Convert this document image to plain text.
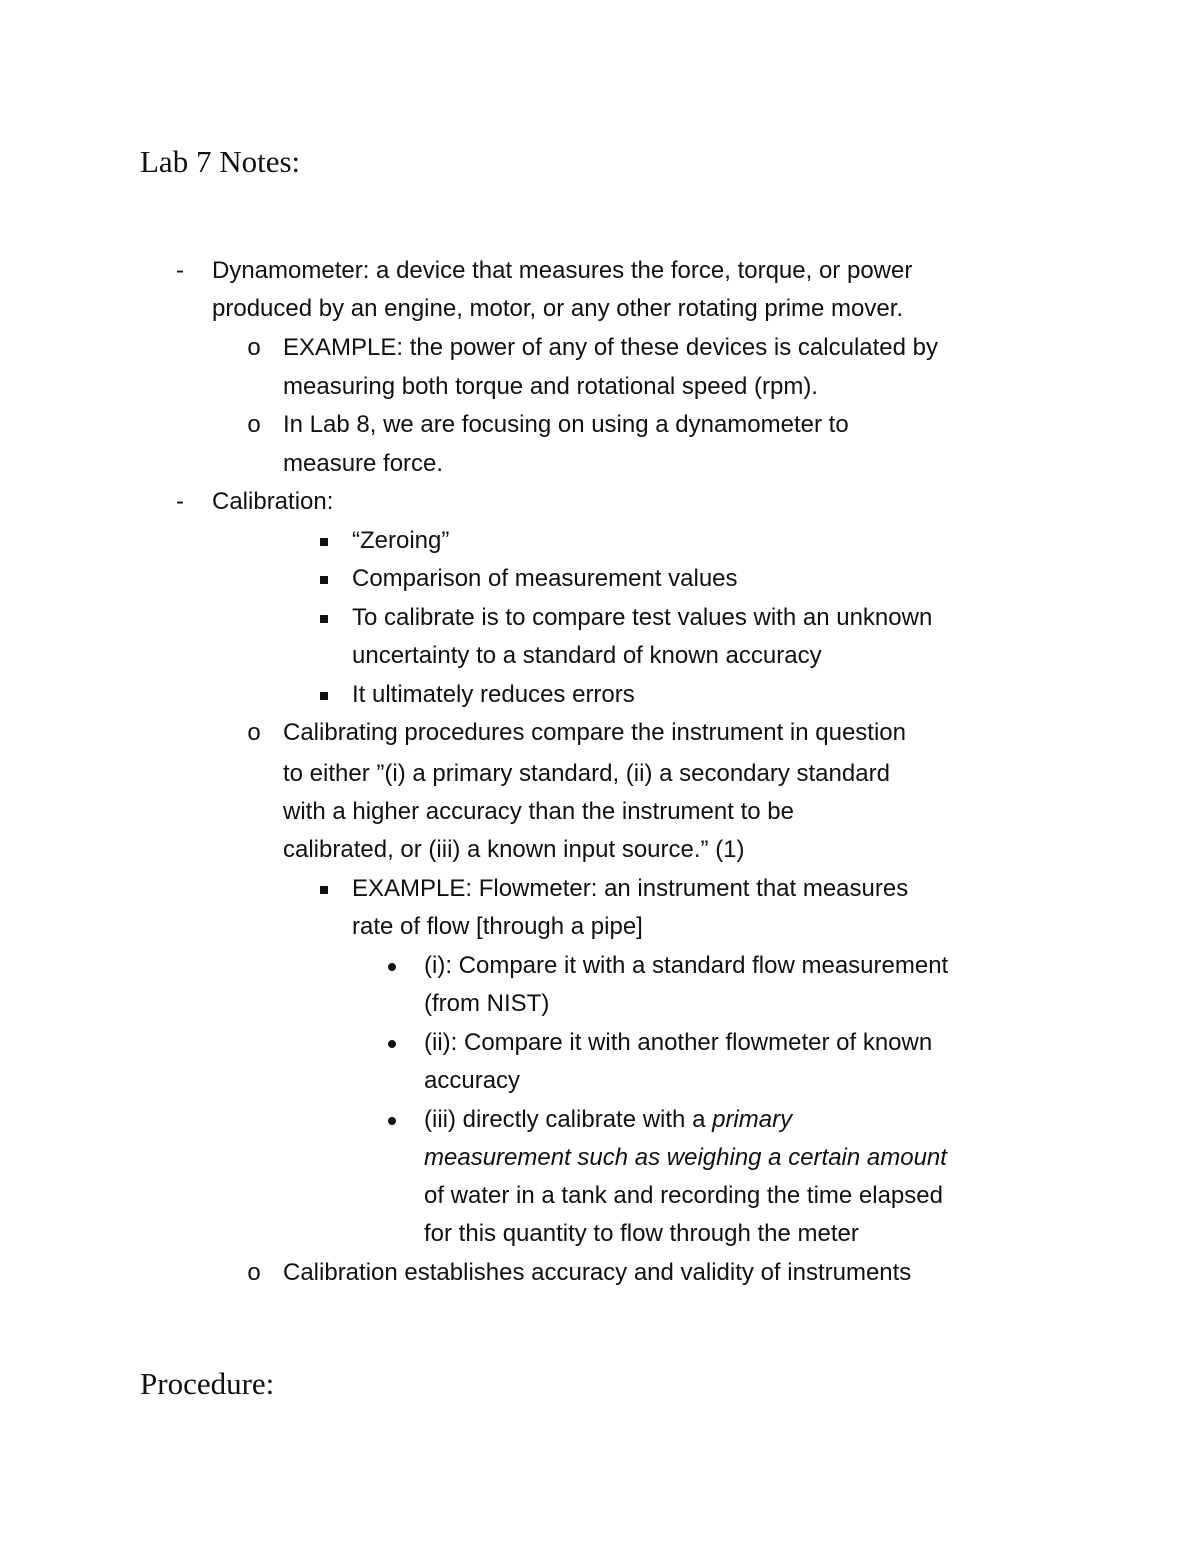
Lab 7 Notes:
- Dynamometer: a device that measures the force, torque, or power
produced by an engine, motor, or any other rotating prime mover.
o EXAMPLE: the power of any of these devices is calculated by
measuring both torque and rotational speed (rpm).
o In Lab 8, we are focusing on using a dynamometer to
measure force.
- Calibration:
“Zeroing”
Comparison of measurement values
To calibrate is to compare test values with an unknown
uncertainty to a standard of known accuracy
It ultimately reduces errors
o Calibrating procedures compare the instrument in question
to either ”(i) a primary standard, (ii) a secondary standard
with a higher accuracy than the instrument to be
calibrated, or (iii) a known input source.” (1)
EXAMPLE: Flowmeter: an instrument that measures
rate of flow [through a pipe]
(i): Compare it with a standard flow measurement
(from NIST)
(ii): Compare it with another flowmeter of known
accuracy
(iii) directly calibrate with a primary
measurement such as weighing a certain amount
of water in a tank and recording the time elapsed
for this quantity to flow through the meter
o Calibration establishes accuracy and validity of instruments
Procedure:
